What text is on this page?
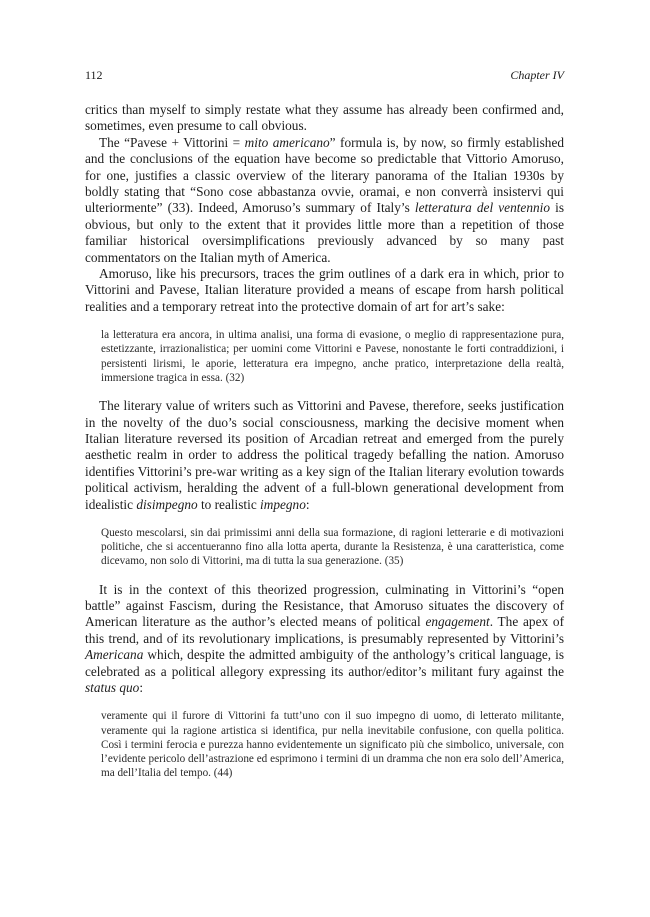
112	Chapter IV

critics than myself to simply restate what they assume has already been confirmed and, sometimes, even presume to call obvious.

The “Pavese + Vittorini = mito americano” formula is, by now, so firmly established and the conclusions of the equation have become so predictable that Vittorio Amoruso, for one, justifies a classic overview of the literary panorama of the Italian 1930s by boldly stating that “Sono cose abbastanza ovvie, oramai, e non converrà insistervi qui ulteriormente” (33). Indeed, Amoruso’s summary of Italy’s letteratura del ventennio is obvious, but only to the extent that it provides little more than a repetition of those familiar historical oversimplifications previously advanced by so many past commentators on the Italian myth of America.

Amoruso, like his precursors, traces the grim outlines of a dark era in which, prior to Vittorini and Pavese, Italian literature provided a means of escape from harsh political realities and a temporary retreat into the protective domain of art for art’s sake:

la letteratura era ancora, in ultima analisi, una forma di evasione, o meglio di rappresentazione pura, estetizzante, irrazionalistica; per uomini come Vittorini e Pavese, nonostante le forti contraddizioni, i persistenti lirismi, le aporie, letteratura era impegno, anche pratico, interpretazione della realtà, immersione tragica in essa. (32)

The literary value of writers such as Vittorini and Pavese, therefore, seeks justification in the novelty of the duo’s social consciousness, marking the decisive moment when Italian literature reversed its position of Arcadian retreat and emerged from the purely aesthetic realm in order to address the political tragedy befalling the nation. Amoruso identifies Vittorini’s pre-war writing as a key sign of the Italian literary evolution towards political activism, heralding the advent of a full-blown generational development from idealistic disimpegno to realistic impegno:

Questo mescolarsi, sin dai primissimi anni della sua formazione, di ragioni letterarie e di motivazioni politiche, che si accentueranno fino alla lotta aperta, durante la Resistenza, è una caratteristica, come dicevamo, non solo di Vittorini, ma di tutta la sua generazione. (35)

It is in the context of this theorized progression, culminating in Vittorini’s “open battle” against Fascism, during the Resistance, that Amoruso situates the discovery of American literature as the author’s elected means of political engagement. The apex of this trend, and of its revolutionary implications, is presumably represented by Vittorini’s Americana which, despite the admitted ambiguity of the anthology’s critical language, is celebrated as a political allegory expressing its author/editor’s militant fury against the status quo:

veramente qui il furore di Vittorini fa tutt’uno con il suo impegno di uomo, di letterato militante, veramente qui la ragione artistica si identifica, pur nella inevitabile confusione, con quella politica. Così i termini ferocia e purezza hanno evidentemente un significato più che simbolico, universale, con l’evidente pericolo dell’astrazione ed esprimono i termini di un dramma che non era solo dell’America, ma dell’Italia del tempo. (44)
